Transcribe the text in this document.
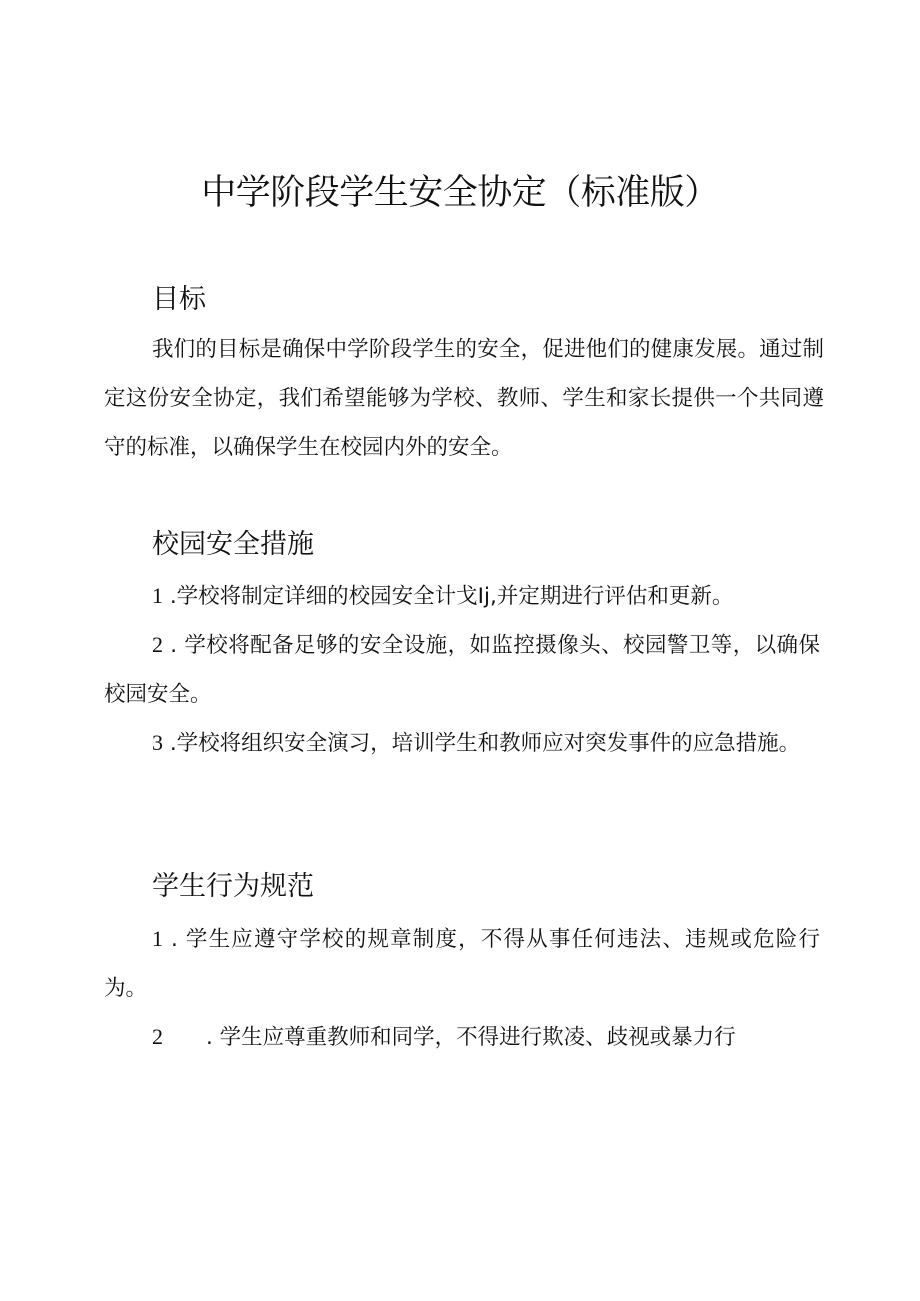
中学阶段学生安全协定（标准版）
目标

我们的目标是确保中学阶段学生的安全，促进他们的健康发展。通过制定这份安全协定，我们希望能够为学校、教师、学生和家长提供一个共同遵守的标准，以确保学生在校园内外的安全。

校园安全措施

1 .学校将制定详细的校园安全计戈Ij,并定期进行评估和更新。

2 . 学校将配备足够的安全设施，如监控摄像头、校园警卫等，以确保校园安全。

3 .学校将组织安全演习，培训学生和教师应对突发事件的应急措施。

学生行为规范

1 . 学生应遵守学校的规章制度，不得从事任何违法、违规或危险行为。

2　　. 学生应尊重教师和同学，不得进行欺凌、歧视或暴力行
